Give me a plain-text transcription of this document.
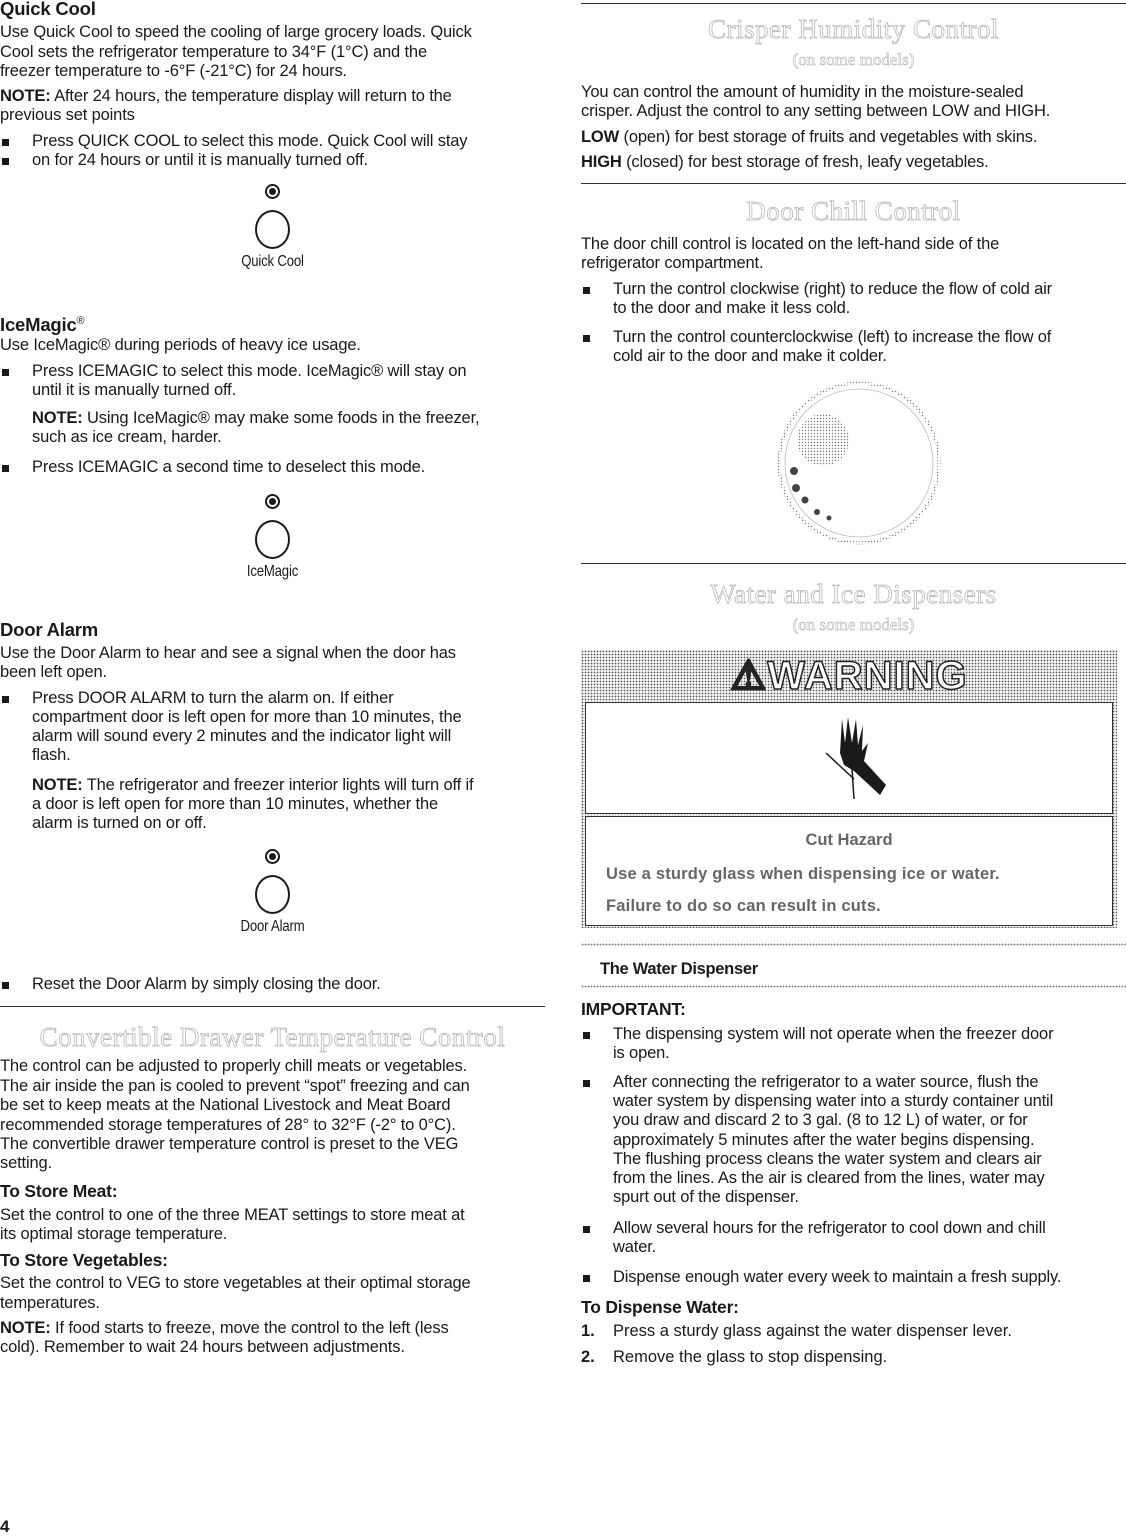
Quick Cool

Use Quick Cool to speed the cooling of large grocery loads. Quick

Cool sets the refrigerator temperature to 34°F (1°C) and the

freezer temperature to -6°F (-21°C) for 24 hours.

NOTE: After 24 hours, the temperature display will return to the

previous set points

Press QUICK COOL to select this mode. Quick Cool will stay
on for 24 hours or until it is manually turned off.
Quick Cool
IceMagic®

Use IceMagic® during periods of heavy ice usage.

Press ICEMAGIC to select this mode. IceMagic® will stay on
until it is manually turned off.
NOTE: Using IceMagic® may make some foods in the freezer,
such as ice cream, harder.
Press ICEMAGIC a second time to deselect this mode.
IceMagic
Door Alarm

Use the Door Alarm to hear and see a signal when the door has

been left open.

Press DOOR ALARM to turn the alarm on. If either
compartment door is left open for more than 10 minutes, the
alarm will sound every 2 minutes and the indicator light will
flash.
NOTE: The refrigerator and freezer interior lights will turn off if
a door is left open for more than 10 minutes, whether the
alarm is turned on or off.
Door Alarm
Reset the Door Alarm by simply closing the door.
Convertible Drawer Temperature Control

The control can be adjusted to properly chill meats or vegetables.

The air inside the pan is cooled to prevent “spot” freezing and can

be set to keep meats at the National Livestock and Meat Board

recommended storage temperatures of 28° to 32°F (-2° to 0°C).

The convertible drawer temperature control is preset to the VEG

setting.

To Store Meat:

Set the control to one of the three MEAT settings to store meat at

its optimal storage temperature.

To Store Vegetables:

Set the control to VEG to store vegetables at their optimal storage

temperatures.

NOTE: If food starts to freeze, move the control to the left (less

cold). Remember to wait 24 hours between adjustments.

Crisper Humidity Control
(on some models)

You can control the amount of humidity in the moisture-sealed

crisper. Adjust the control to any setting between LOW and HIGH.

LOW (open) for best storage of fruits and vegetables with skins.

HIGH (closed) for best storage of fresh, leafy vegetables.

Door Chill Control

The door chill control is located on the left-hand side of the

refrigerator compartment.

Turn the control clockwise (right) to reduce the flow of cold air
to the door and make it less cold.
Turn the control counterclockwise (left) to increase the flow of
cold air to the door and make it colder.
Water and Ice Dispensers
(on some models)
⚠WARNING
Cut Hazard
Use a sturdy glass when dispensing ice or water.
Failure to do so can result in cuts.
The Water Dispenser
IMPORTANT:
The dispensing system will not operate when the freezer door
is open.
After connecting the refrigerator to a water source, flush the
water system by dispensing water into a sturdy container until
you draw and discard 2 to 3 gal. (8 to 12 L) of water, or for
approximately 5 minutes after the water begins dispensing.
The flushing process cleans the water system and clears air
from the lines. As the air is cleared from the lines, water may
spurt out of the dispenser.
Allow several hours for the refrigerator to cool down and chill
water.
Dispense enough water every week to maintain a fresh supply.
To Dispense Water:
1. Press a sturdy glass against the water dispenser lever.
2. Remove the glass to stop dispensing.
4
